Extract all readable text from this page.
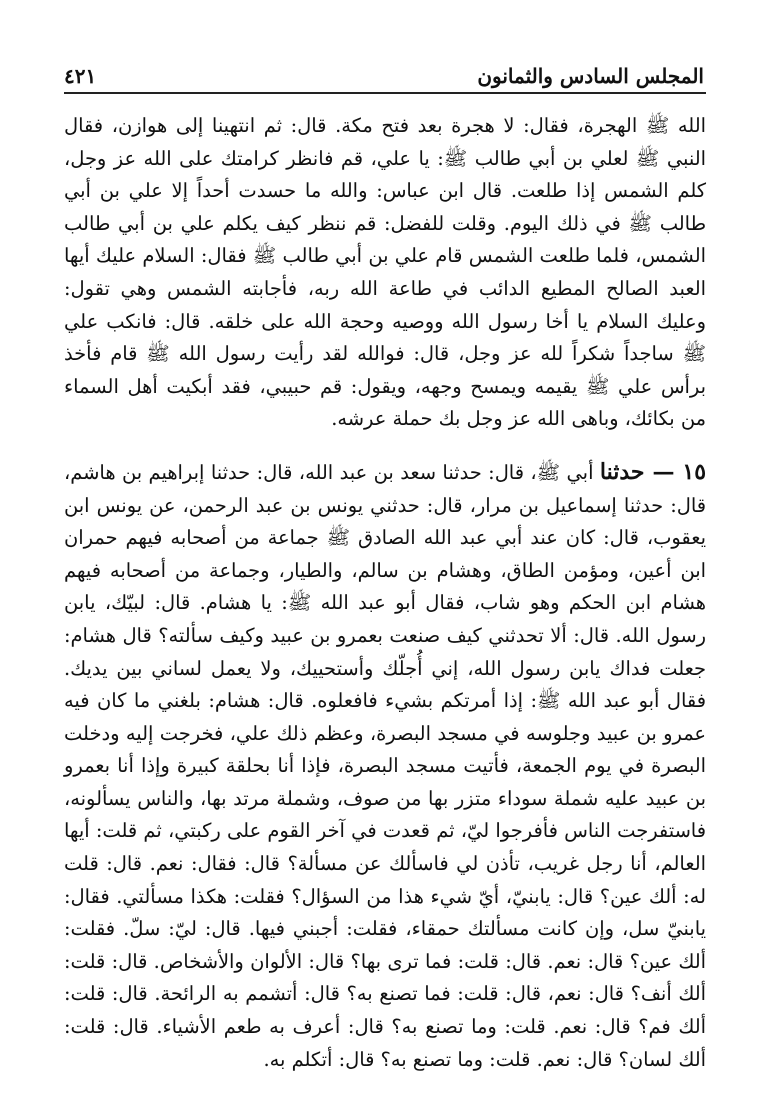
٤٢١	المجلس السادس والثمانون

الله ﷺ الهجرة، فقال: لا هجرة بعد فتح مكة. قال: ثم انتهينا إلى هوازن، فقال النبي ﷺ لعلي بن أبي طالب ﷺ: يا علي، قم فانظر كرامتك على الله عز وجل، كلم الشمس إذا طلعت. قال ابن عباس: والله ما حسدت أحداً إلا علي بن أبي طالب ﷺ في ذلك اليوم. وقلت للفضل: قم ننظر كيف يكلم علي بن أبي طالب الشمس، فلما طلعت الشمس قام علي بن أبي طالب ﷺ فقال: السلام عليك أيها العبد الصالح المطيع الدائب في طاعة الله ربه، فأجابته الشمس وهي تقول: وعليك السلام يا أخا رسول الله ووصيه وحجة الله على خلقه. قال: فانكب علي ﷺ ساجداً شكراً لله عز وجل، قال: فوالله لقد رأيت رسول الله ﷺ قام فأخذ برأس علي ﷺ يقيمه ويمسح وجهه، ويقول: قم حبيبي، فقد أبكيت أهل السماء من بكائك، وباهى الله عز وجل بك حملة عرشه.

١٥ — حدثنا أبي ﷺ، قال: حدثنا سعد بن عبد الله، قال: حدثنا إبراهيم بن هاشم، قال: حدثنا إسماعيل بن مرار، قال: حدثني يونس بن عبد الرحمن، عن يونس ابن يعقوب، قال: كان عند أبي عبد الله الصادق ﷺ جماعة من أصحابه فيهم حمران ابن أعين، ومؤمن الطاق، وهشام بن سالم، والطيار، وجماعة من أصحابه فيهم هشام ابن الحكم وهو شاب، فقال أبو عبد الله ﷺ: يا هشام. قال: لبيّك، يابن رسول الله. قال: ألا تحدثني كيف صنعت بعمرو بن عبيد وكيف سألته؟ قال هشام: جعلت فداك يابن رسول الله، إني أُجلّك وأستحييك، ولا يعمل لساني بين يديك. فقال أبو عبد الله ﷺ: إذا أمرتكم بشيء فافعلوه. قال: هشام: بلغني ما كان فيه عمرو بن عبيد وجلوسه في مسجد البصرة، وعظم ذلك علي، فخرجت إليه ودخلت البصرة في يوم الجمعة، فأتيت مسجد البصرة، فإذا أنا بحلقة كبيرة وإذا أنا بعمرو بن عبيد عليه شملة سوداء متزر بها من صوف، وشملة مرتد بها، والناس يسألونه، فاستفرجت الناس فأفرجوا ليّ، ثم قعدت في آخر القوم على ركبتي، ثم قلت: أيها العالم، أنا رجل غريب، تأذن لي فاسألك عن مسألة؟ قال: فقال: نعم. قال: قلت له: ألك عين؟ قال: يابنيّ، أيّ شيء هذا من السؤال؟ فقلت: هكذا مسألتي. فقال: يابنيّ سل، وإن كانت مسألتك حمقاء، فقلت: أجبني فيها. قال: ليّ: سلّ. فقلت: ألك عين؟ قال: نعم. قال: قلت: فما ترى بها؟ قال: الألوان والأشخاص. قال: قلت: ألك أنف؟ قال: نعم، قال: قلت: فما تصنع به؟ قال: أتشمم به الرائحة. قال: قلت: ألك فم؟ قال: نعم. قلت: وما تصنع به؟ قال: أعرف به طعم الأشياء. قال: قلت: ألك لسان؟ قال: نعم. قلت: وما تصنع به؟ قال: أتكلم به.
